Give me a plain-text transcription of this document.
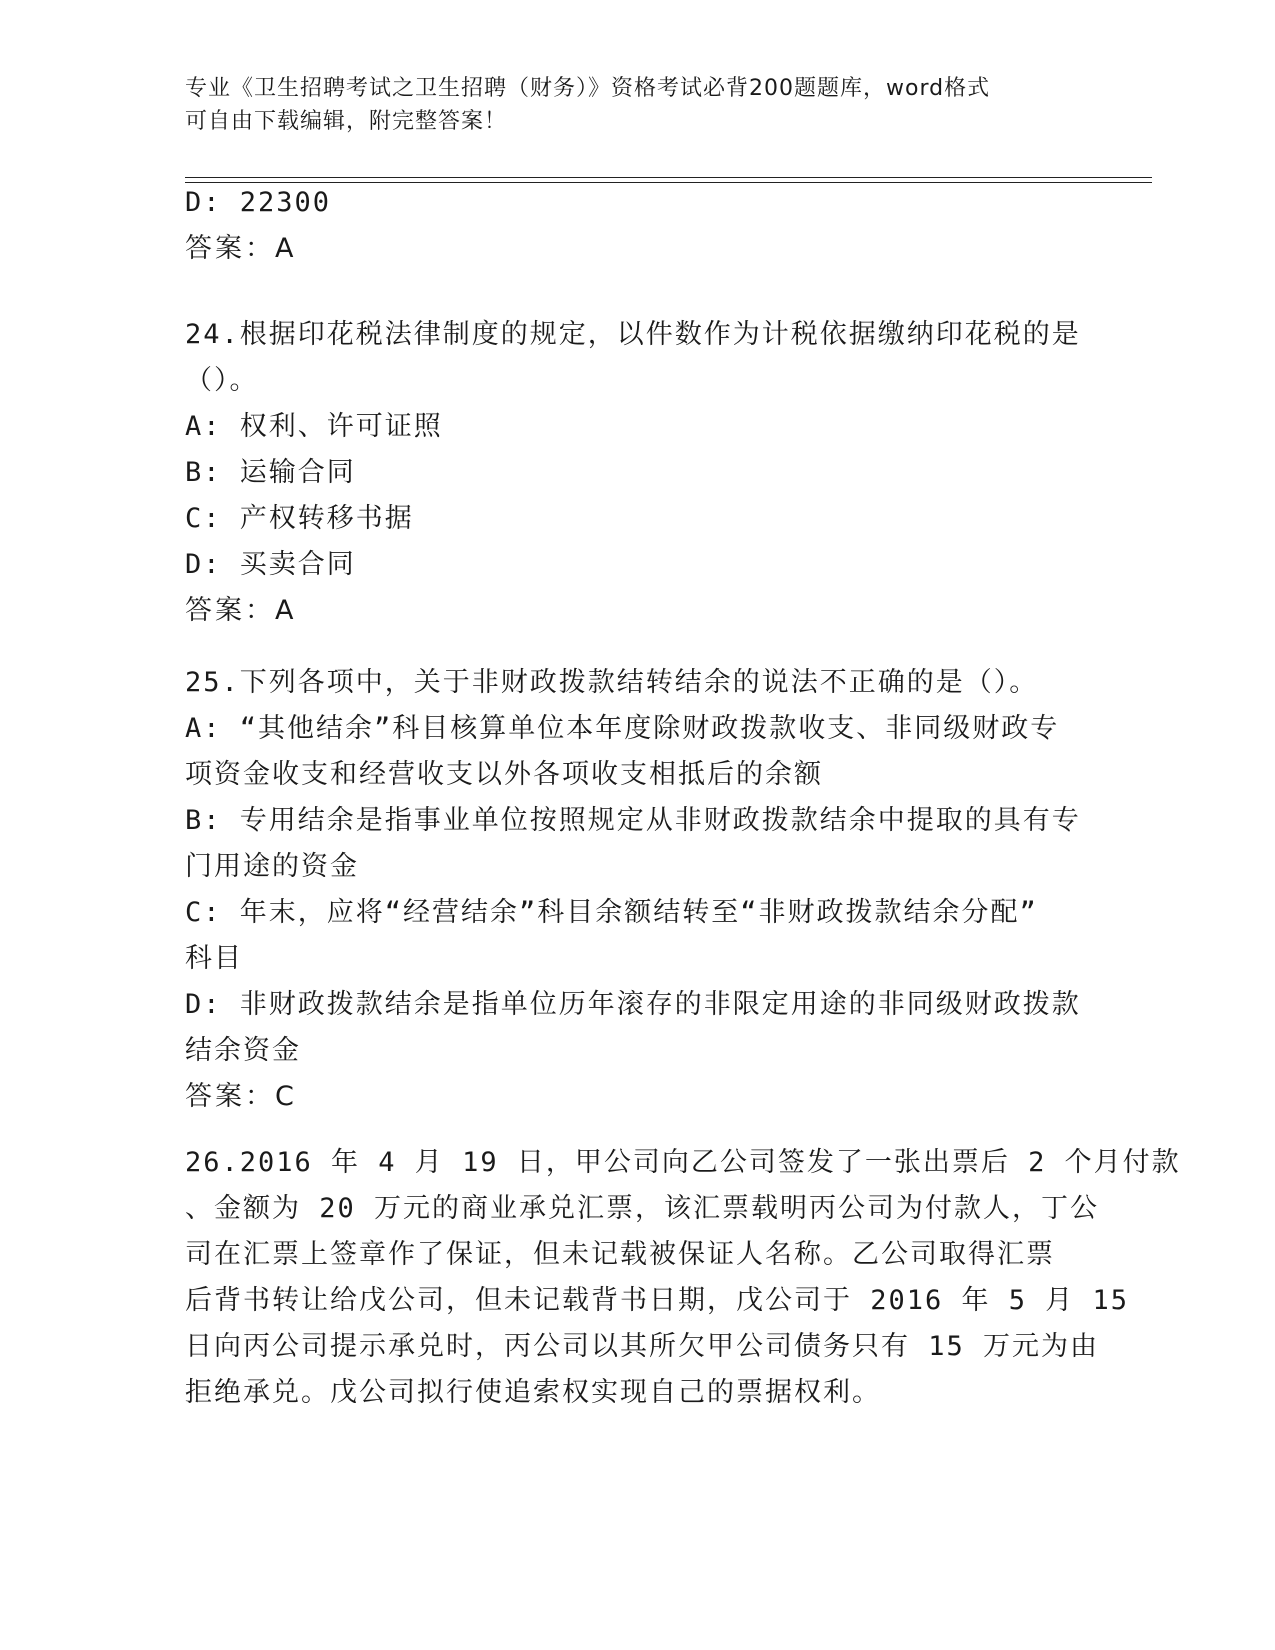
专业《卫生招聘考试之卫生招聘（财务）》资格考试必背200题题库，word格式
可自由下载编辑，附完整答案！
D: 22300
答案：A
24.根据印花税法律制度的规定，以件数作为计税依据缴纳印花税的是
（）。
A: 权利、许可证照
B: 运输合同
C: 产权转移书据
D: 买卖合同
答案：A
25.下列各项中，关于非财政拨款结转结余的说法不正确的是（）。
A: “其他结余”科目核算单位本年度除财政拨款收支、非同级财政专
项资金收支和经营收支以外各项收支相抵后的余额
B: 专用结余是指事业单位按照规定从非财政拨款结余中提取的具有专
门用途的资金
C: 年末，应将“经营结余”科目余额结转至“非财政拨款结余分配”
科目
D: 非财政拨款结余是指单位历年滚存的非限定用途的非同级财政拨款
结余资金
答案：C
26.2016 年 4 月 19 日，甲公司向乙公司签发了一张出票后 2 个月付款
、金额为 20 万元的商业承兑汇票，该汇票载明丙公司为付款人，丁公
司在汇票上签章作了保证，但未记载被保证人名称。乙公司取得汇票
后背书转让给戊公司，但未记载背书日期，戊公司于 2016 年 5 月 15
日向丙公司提示承兑时，丙公司以其所欠甲公司债务只有 15 万元为由
拒绝承兑。戊公司拟行使追索权实现自己的票据权利。
